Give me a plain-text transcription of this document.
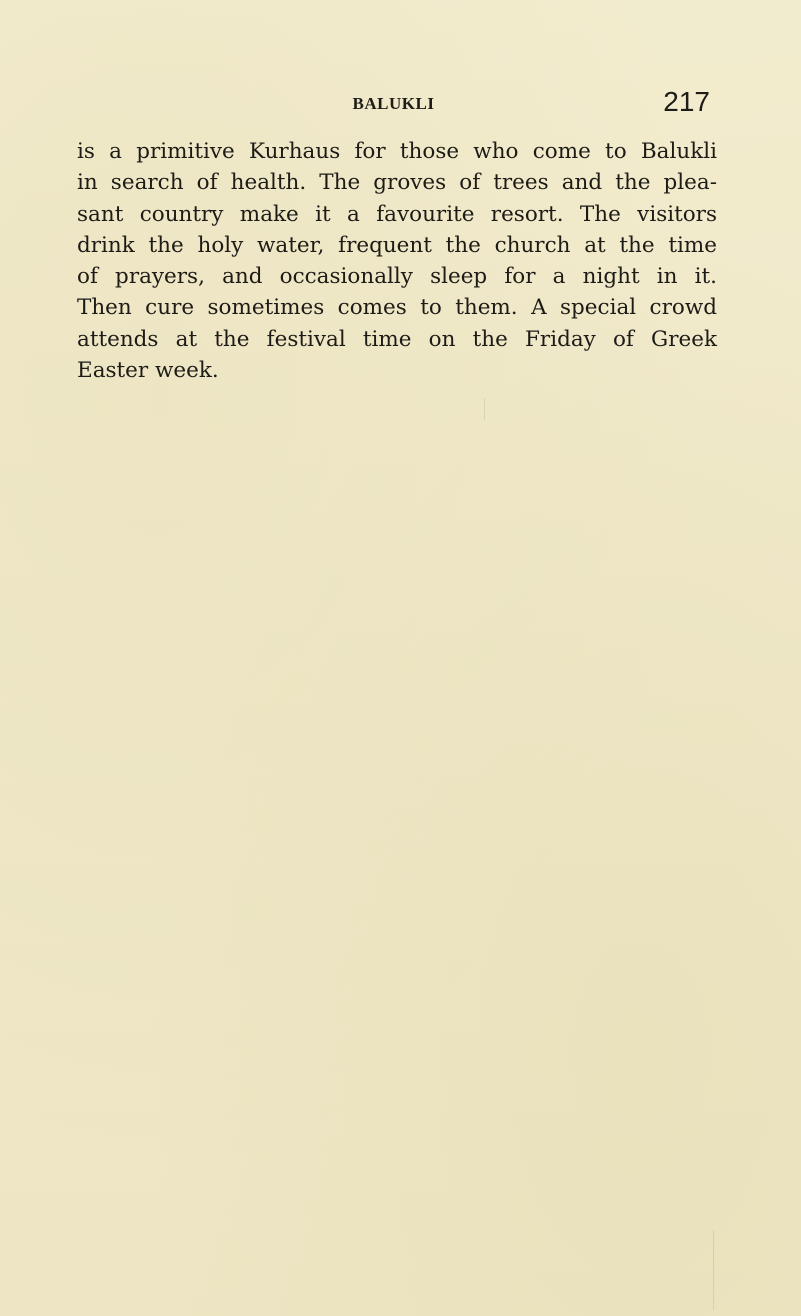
BALUKLI	217
is a primitive Kurhaus for those who come to Balukli
in search of health. The groves of trees and the plea-
sant country make it a favourite resort. The visitors
drink the holy water, frequent the church at the time
of prayers, and occasionally sleep for a night in it.
Then cure sometimes comes to them. A special crowd
attends at the festival time on the Friday of Greek
Easter week.
